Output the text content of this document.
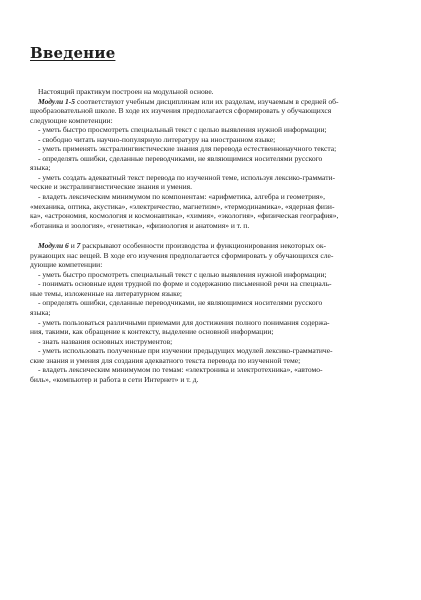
Введение
Настоящий практикум построен на модульной основе.
Модули 1-5 соответствуют учебным дисциплинам или их разделам, изучаемым в средней об-
щеобразовательной школе. В ходе их изучения предполагается сформировать у обучающихся
следующие компетенции:
- уметь быстро просмотреть специальный текст с целью выявления нужной информации;
- свободно читать научно-популярную литературу на иностранном языке;
- уметь применять экстралингвистические знания для перевода естественнонаучного текста;
- определять ошибки, сделанные переводчиками, не являющимися носителями русского
языка;
- уметь создать адекватный текст перевода по изученной теме, используя лексико-граммати-
ческие и экстралингвистические знания и умения.
- владеть лексическим минимумом по компонентам: «арифметика, алгебра и геометрия»,
«механика, оптика, акустика», «электричество, магнетизм», «термодинамика», «ядерная физи-
ка», «астрономия, космология и космонавтика», «химия», «экология», «физическая география»,
«ботаника и зоология», «генетика», «физиология и анатомия» и т. п.
Модули 6 и 7 раскрывают особенности производства и функционирования некоторых ок-
ружающих нас вещей. В ходе его изучения предполагается сформировать у обучающихся сле-
дующие компетенции:
- уметь быстро просмотреть специальный текст с целью выявления нужной информации;
- понимать основные идеи трудной по форме и содержанию письменной речи на специаль-
ные темы, изложенные на литературном языке;
- определять ошибки, сделанные переводчиками, не являющимися носителями русского
языка;
- уметь пользоваться различными приемами для достижения полного понимания содержа-
ния, такими, как обращение к контексту, выделение основной информации;
- знать названия основных инструментов;
- уметь использовать полученные при изучении предыдущих модулей лексико-грамматиче-
ские знания и умения для создания адекватного текста перевода по изученной теме;
- владеть лексическим минимумом по темам: «электроника и электротехника», «автомо-
биль», «компьютер и работа в сети Интернет» и т. д.
